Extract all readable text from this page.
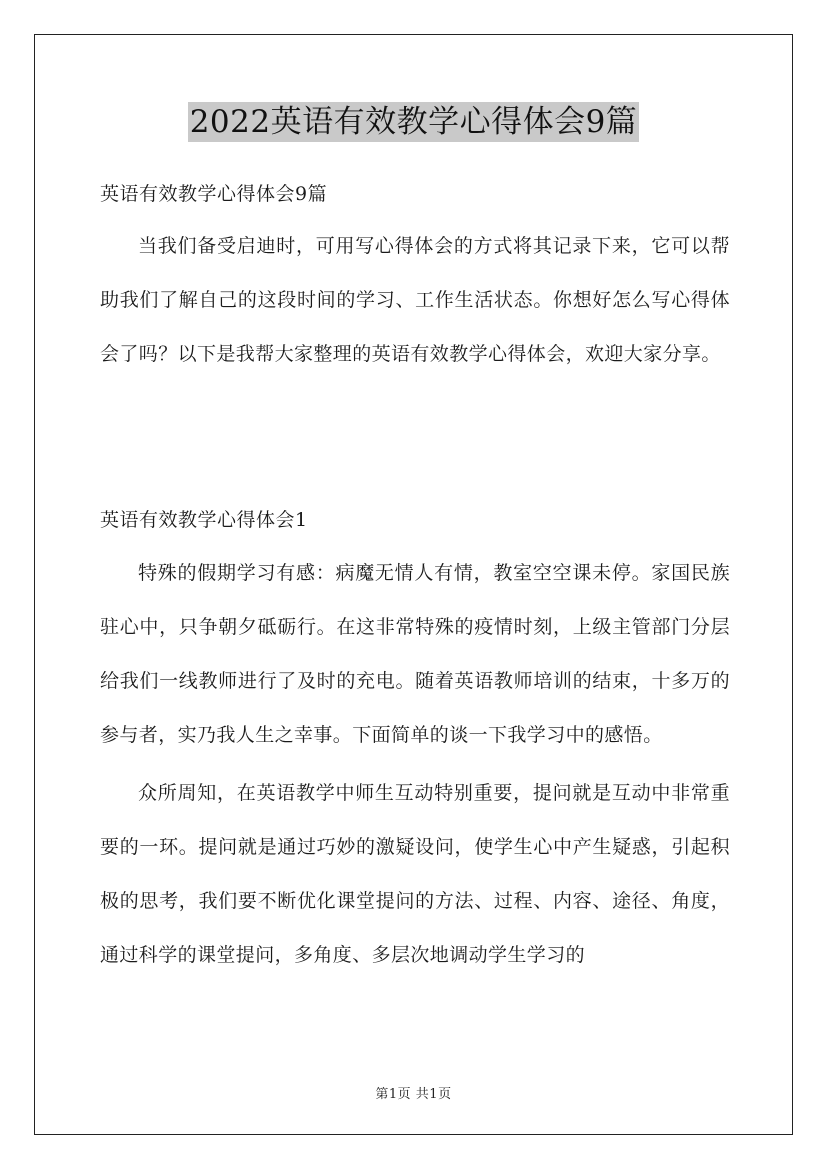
2022英语有效教学心得体会9篇
英语有效教学心得体会9篇

当我们备受启迪时，可用写心得体会的方式将其记录下来，它可以帮助我们了解自己的这段时间的学习、工作生活状态。你想好怎么写心得体会了吗？以下是我帮大家整理的英语有效教学心得体会，欢迎大家分享。

英语有效教学心得体会1

特殊的假期学习有感：病魔无情人有情，教室空空课未停。家国民族驻心中，只争朝夕砥砺行。在这非常特殊的疫情时刻，上级主管部门分层给我们一线教师进行了及时的充电。随着英语教师培训的结束，十多万的参与者，实乃我人生之幸事。下面简单的谈一下我学习中的感悟。

众所周知，在英语教学中师生互动特别重要，提问就是互动中非常重要的一环。提问就是通过巧妙的激疑设问，使学生心中产生疑惑，引起积极的思考，我们要不断优化课堂提问的方法、过程、内容、途径、角度，通过科学的课堂提问，多角度、多层次地调动学生学习的

第1页 共1页
